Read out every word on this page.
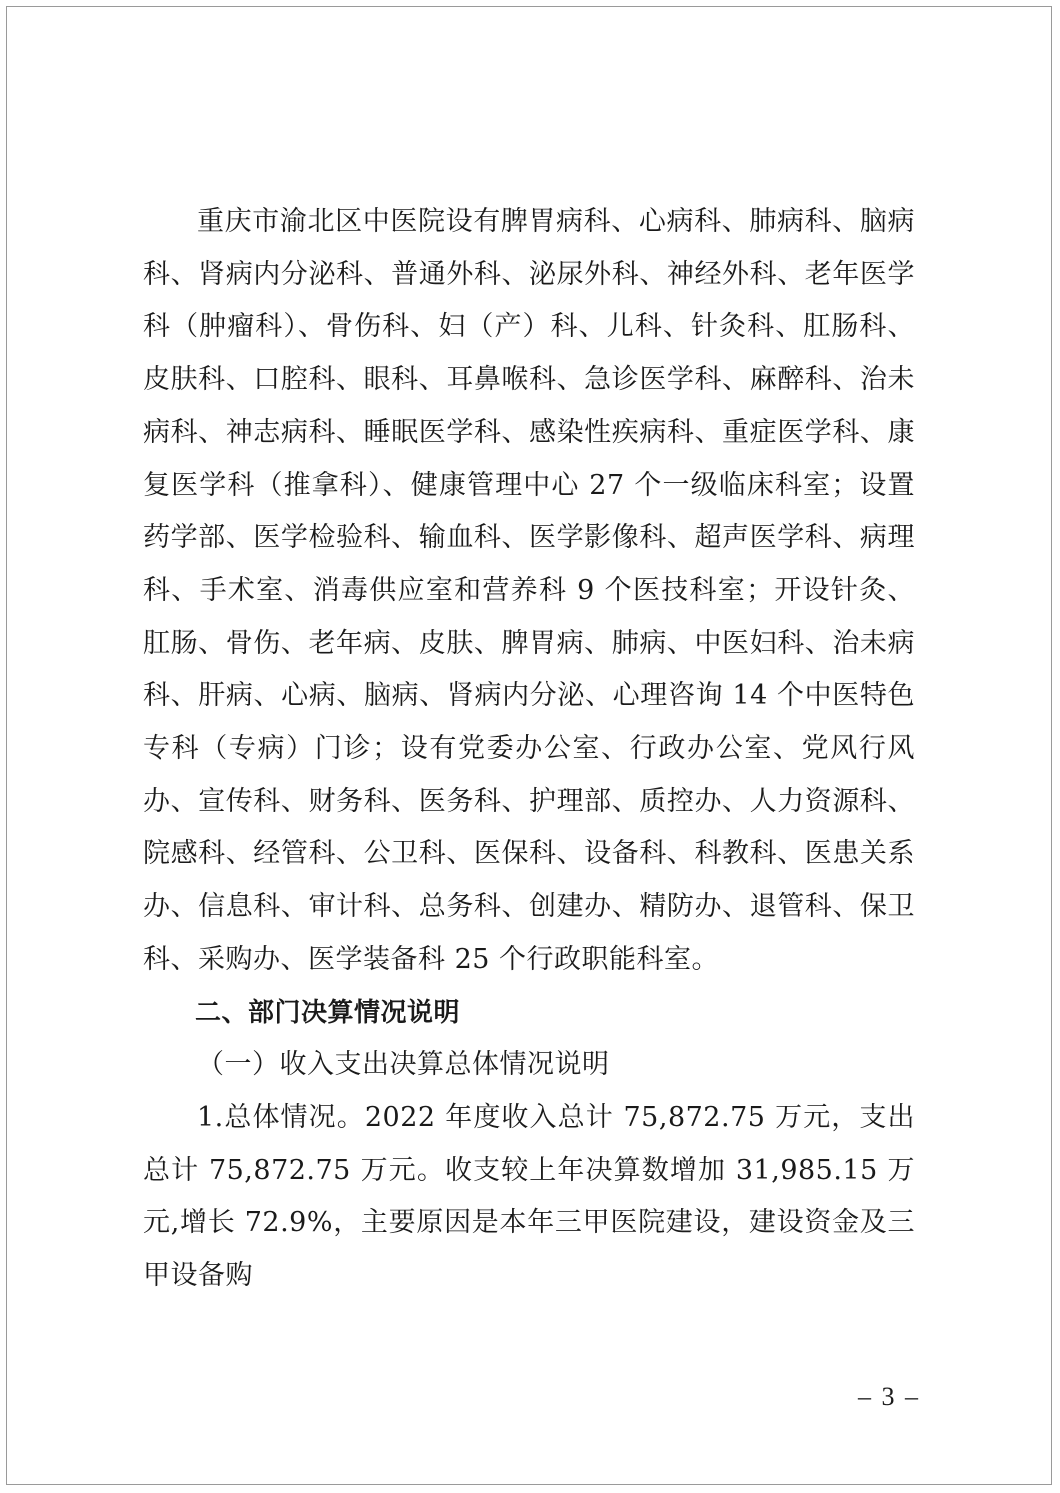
重庆市渝北区中医院设有脾胃病科、心病科、肺病科、脑病科、肾病内分泌科、普通外科、泌尿外科、神经外科、老年医学科（肿瘤科）、骨伤科、妇（产）科、儿科、针灸科、肛肠科、皮肤科、口腔科、眼科、耳鼻喉科、急诊医学科、麻醉科、治未病科、神志病科、睡眠医学科、感染性疾病科、重症医学科、康复医学科（推拿科）、健康管理中心 27 个一级临床科室；设置药学部、医学检验科、输血科、医学影像科、超声医学科、病理科、手术室、消毒供应室和营养科 9 个医技科室；开设针灸、肛肠、骨伤、老年病、皮肤、脾胃病、肺病、中医妇科、治未病科、肝病、心病、脑病、肾病内分泌、心理咨询 14 个中医特色专科（专病）门诊；设有党委办公室、行政办公室、党风行风办、宣传科、财务科、医务科、护理部、质控办、人力资源科、院感科、经管科、公卫科、医保科、设备科、科教科、医患关系办、信息科、审计科、总务科、创建办、精防办、退管科、保卫科、采购办、医学装备科 25 个行政职能科室。

二、部门决算情况说明

（一）收入支出决算总体情况说明

1.总体情况。2022 年度收入总计 75,872.75 万元，支出总计 75,872.75 万元。收支较上年决算数增加 31,985.15 万元,增长 72.9%，主要原因是本年三甲医院建设，建设资金及三甲设备购

– 3 –
